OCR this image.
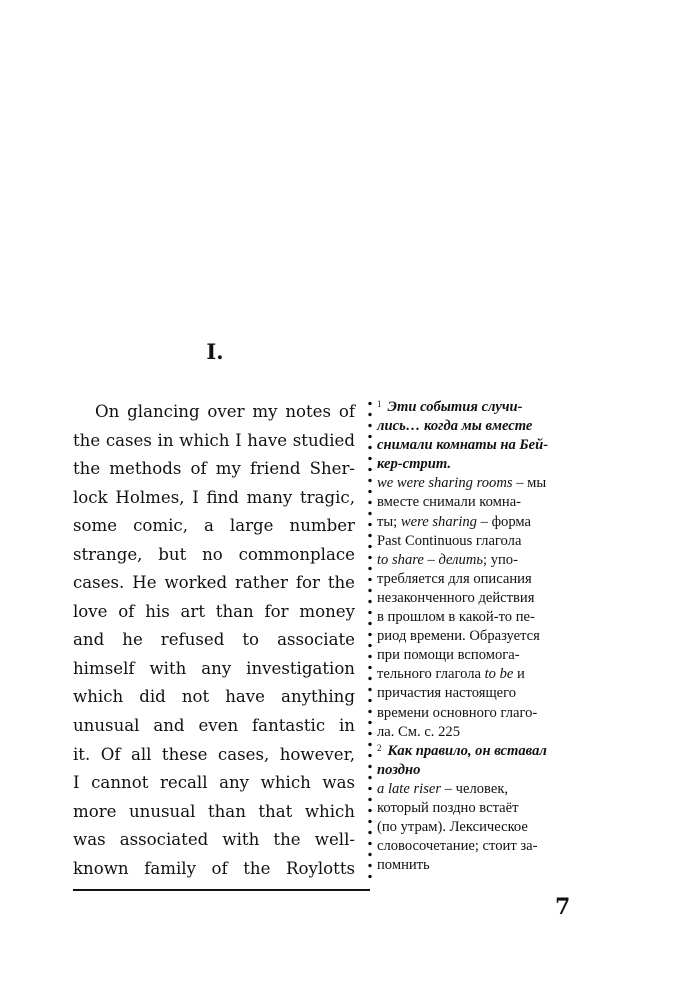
I.
On glancing over my notes of
the cases in which I have studied
the methods of my friend Sher-
lock Holmes, I find many tragic,
some comic, a large number
strange, but no commonplace
cases. He worked rather for the
love of his art than for money
and he refused to associate
himself with any investigation
which did not have anything
unusual and even fantastic in
it. Of all these cases, however,
I cannot recall any which was
more unusual than that which
was associated with the well-
known family of the Roylotts
$^1$ Эти события случи-
лись… когда мы вместе
снимали комнаты на Бей-
кер-стрит.
we were sharing rooms – мы
вместе снимали комна-
ты; were sharing – форма
Past Continuous глагола
to share – делить; упо-
требляется для описания
незаконченного действия
в прошлом в какой-то пе-
риод времени. Образуется
при помощи вспомога-
тельного глагола to be и
причастия настоящего
времени основного глаго-
ла. См. с. 225
$^2$ Как правило, он вставал
поздно
a late riser – человек,
который поздно встаёт
(по утрам). Лексическое
словосочетание; стоит за-
помнить
7
